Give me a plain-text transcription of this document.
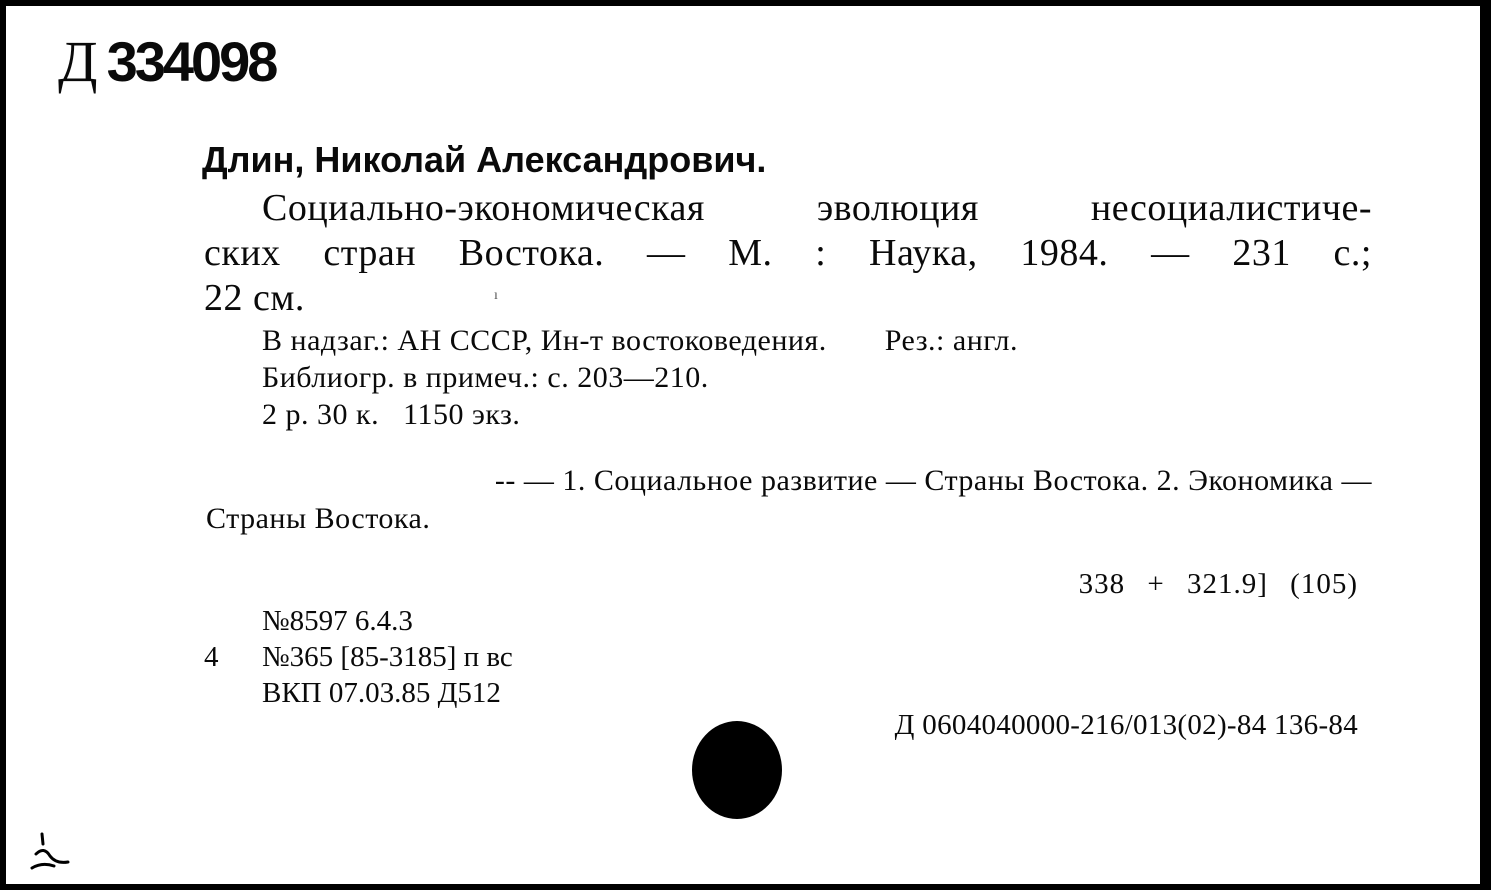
Д 334098
Длин, Николай Александрович.
Социально-экономическая	эволюция	несоциалистиче-
ских стран Востока. — М. : Наука, 1984. — 231 с.;
22 см.	ı
В надзаг.: АН СССР, Ин-т востоковедения. Рез.: англ.
Библиогр. в примеч.: с. 203—210.
2 р. 30 к.   1150 экз.
-- — 1. Социальное развитие — Страны Востока. 2. Экономика —
Страны Востока.
338 + 321.9] (105)
№8597 6.4.3
4 №365 [85-3185] п вс
ВКП 07.03.85 Д512
Д 0604040000-216/013(02)-84 136-84
